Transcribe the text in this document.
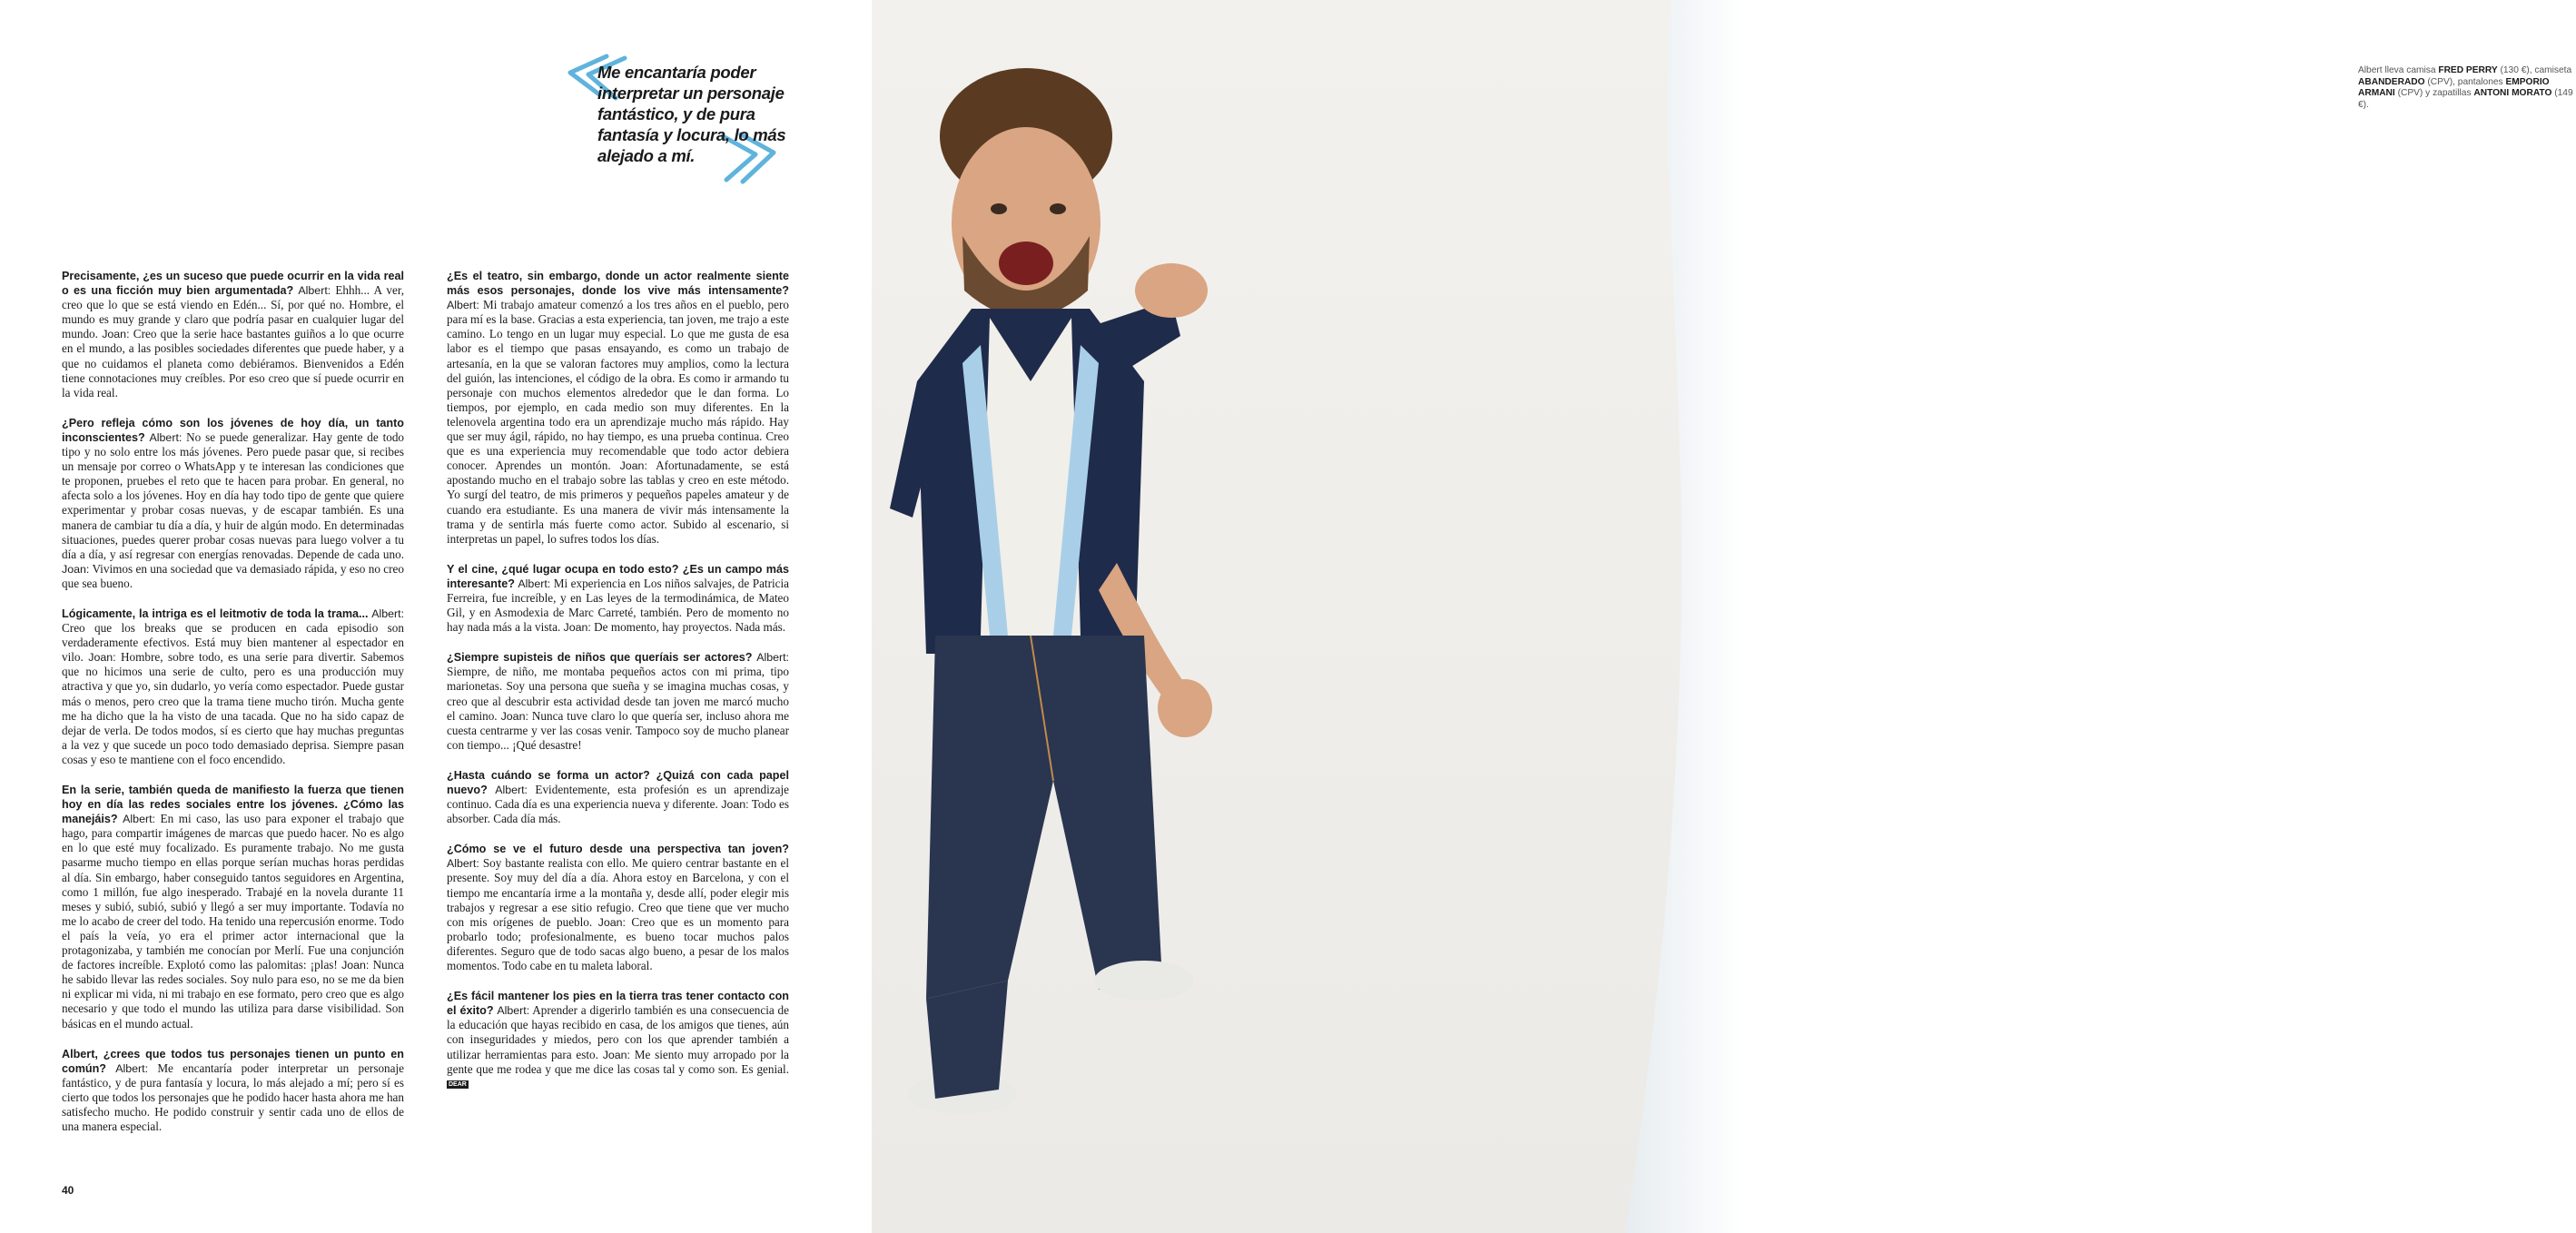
Me encantaría poder interpretar un personaje fantástico, y de pura fantasía y locura, lo más alejado a mí.

Precisamente, ¿es un suceso que puede ocurrir en la vida real o es una ficción muy bien argumentada? Albert: Ehhh... A ver, creo que lo que se está viendo en Edén... Sí, por qué no. Hombre, el mundo es muy grande y claro que podría pasar en cualquier lugar del mundo. Joan: Creo que la serie hace bastantes guiños a lo que ocurre en el mundo, a las posibles sociedades diferentes que puede haber, y a que no cuidamos el planeta como debiéramos. Bienvenidos a Edén tiene connotaciones muy creíbles. Por eso creo que sí puede ocurrir en la vida real.

¿Pero refleja cómo son los jóvenes de hoy día, un tanto inconscientes? Albert: No se puede generalizar. Hay gente de todo tipo y no solo entre los más jóvenes. Pero puede pasar que, si recibes un mensaje por correo o WhatsApp y te interesan las condiciones que te proponen, pruebes el reto que te hacen para probar. En general, no afecta solo a los jóvenes. Hoy en día hay todo tipo de gente que quiere experimentar y probar cosas nuevas, y de escapar también. Es una manera de cambiar tu día a día, y huir de algún modo. En determinadas situaciones, puedes querer probar cosas nuevas para luego volver a tu día a día, y así regresar con energías renovadas. Depende de cada uno. Joan: Vivimos en una sociedad que va demasiado rápida, y eso no creo que sea bueno.

Lógicamente, la intriga es el leitmotiv de toda la trama... Albert: Creo que los breaks que se producen en cada episodio son verdaderamente efectivos. Está muy bien mantener al espectador en vilo. Joan: Hombre, sobre todo, es una serie para divertir. Sabemos que no hicimos una serie de culto, pero es una producción muy atractiva y que yo, sin dudarlo, yo vería como espectador. Puede gustar más o menos, pero creo que la trama tiene mucho tirón. Mucha gente me ha dicho que la ha visto de una tacada. Que no ha sido capaz de dejar de verla. De todos modos, sí es cierto que hay muchas preguntas a la vez y que sucede un poco todo demasiado deprisa. Siempre pasan cosas y eso te mantiene con el foco encendido.

En la serie, también queda de manifiesto la fuerza que tienen hoy en día las redes sociales entre los jóvenes. ¿Cómo las manejáis? Albert: En mi caso, las uso para exponer el trabajo que hago, para compartir imágenes de marcas que puedo hacer. No es algo en lo que esté muy focalizado. Es puramente trabajo. No me gusta pasarme mucho tiempo en ellas porque serían muchas horas perdidas al día. Sin embargo, haber conseguido tantos seguidores en Argentina, como 1 millón, fue algo inesperado. Trabajé en la novela durante 11 meses y subió, subió, subió y llegó a ser muy importante. Todavía no me lo acabo de creer del todo. Ha tenido una repercusión enorme. Todo el país la veía, yo era el primer actor internacional que la protagonizaba, y también me conocían por Merlí. Fue una conjunción de factores increíble. Explotó como las palomitas: ¡plas! Joan: Nunca he sabido llevar las redes sociales. Soy nulo para eso, no se me da bien ni explicar mi vida, ni mi trabajo en ese formato, pero creo que es algo necesario y que todo el mundo las utiliza para darse visibilidad. Son básicas en el mundo actual.

Albert, ¿crees que todos tus personajes tienen un punto en común? Albert: Me encantaría poder interpretar un personaje fantástico, y de pura fantasía y locura, lo más alejado a mí; pero sí es cierto que todos los personajes que he podido hacer hasta ahora me han satisfecho mucho. He podido construir y sentir cada uno de ellos de una manera especial.

¿Es el teatro, sin embargo, donde un actor realmente siente más esos personajes, donde los vive más intensamente? Albert: Mi trabajo amateur comenzó a los tres años en el pueblo, pero para mí es la base. Gracias a esta experiencia, tan joven, me trajo a este camino. Lo tengo en un lugar muy especial. Lo que me gusta de esa labor es el tiempo que pasas ensayando, es como un trabajo de artesanía, en la que se valoran factores muy amplios, como la lectura del guión, las intenciones, el código de la obra. Es como ir armando tu personaje con muchos elementos alrededor que le dan forma. Lo tiempos, por ejemplo, en cada medio son muy diferentes. En la telenovela argentina todo era un aprendizaje mucho más rápido. Hay que ser muy ágil, rápido, no hay tiempo, es una prueba continua. Creo que es una experiencia muy recomendable que todo actor debiera conocer. Aprendes un montón. Joan: Afortunadamente, se está apostando mucho en el trabajo sobre las tablas y creo en este método. Yo surgí del teatro, de mis primeros y pequeños papeles amateur y de cuando era estudiante. Es una manera de vivir más intensamente la trama y de sentirla más fuerte como actor. Subido al escenario, si interpretas un papel, lo sufres todos los días.

Y el cine, ¿qué lugar ocupa en todo esto? ¿Es un campo más interesante? Albert: Mi experiencia en Los niños salvajes, de Patricia Ferreira, fue increíble, y en Las leyes de la termodinámica, de Mateo Gil, y en Asmodexia de Marc Carreté, también. Pero de momento no hay nada más a la vista. Joan: De momento, hay proyectos. Nada más.

¿Siempre supisteis de niños que queríais ser actores? Albert: Siempre, de niño, me montaba pequeños actos con mi prima, tipo marionetas. Soy una persona que sueña y se imagina muchas cosas, y creo que al descubrir esta actividad desde tan joven me marcó mucho el camino. Joan: Nunca tuve claro lo que quería ser, incluso ahora me cuesta centrarme y ver las cosas venir. Tampoco soy de mucho planear con tiempo... ¡Qué desastre!

¿Hasta cuándo se forma un actor? ¿Quizá con cada papel nuevo? Albert: Evidentemente, esta profesión es un aprendizaje continuo. Cada día es una experiencia nueva y diferente. Joan: Todo es absorber. Cada día más.

¿Cómo se ve el futuro desde una perspectiva tan joven? Albert: Soy bastante realista con ello. Me quiero centrar bastante en el presente. Soy muy del día a día. Ahora estoy en Barcelona, y con el tiempo me encantaría irme a la montaña y, desde allí, poder elegir mis trabajos y regresar a ese sitio refugio. Creo que tiene que ver mucho con mis orígenes de pueblo. Joan: Creo que es un momento para probarlo todo; profesionalmente, es bueno tocar muchos palos diferentes. Seguro que de todo sacas algo bueno, a pesar de los malos momentos. Todo cabe en tu maleta laboral.

¿Es fácil mantener los pies en la tierra tras tener contacto con el éxito? Albert: Aprender a digerirlo también es una consecuencia de la educación que hayas recibido en casa, de los amigos que tienes, aún con inseguridades y miedos, pero con los que aprender también a utilizar herramientas para esto. Joan: Me siento muy arropado por la gente que me rodea y que me dice las cosas tal y como son. Es genial. DEAR

40
Albert lleva camisa FRED PERRY (130 €), camiseta ABANDERADO (CPV), pantalones EMPORIO ARMANI (CPV) y zapatillas ANTONI MORATO (149 €).
